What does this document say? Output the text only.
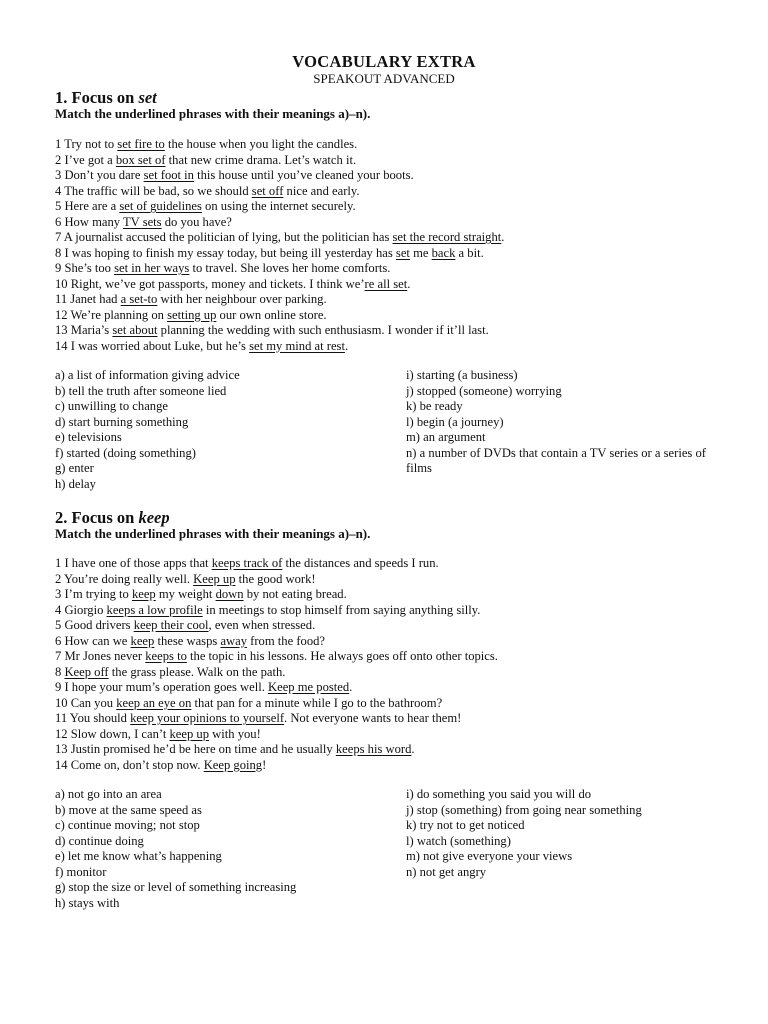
VOCABULARY EXTRA
SPEAKOUT ADVANCED
1. Focus on set
Match the underlined phrases with their meanings a)–n).
1 Try not to set fire to the house when you light the candles.
2 I’ve got a box set of that new crime drama. Let’s watch it.
3 Don’t you dare set foot in this house until you’ve cleaned your boots.
4 The traffic will be bad, so we should set off nice and early.
5 Here are a set of guidelines on using the internet securely.
6 How many TV sets do you have?
7 A journalist accused the politician of lying, but the politician has set the record straight.
8 I was hoping to finish my essay today, but being ill yesterday has set me back a bit.
9 She’s too set in her ways to travel. She loves her home comforts.
10 Right, we’ve got passports, money and tickets. I think we’re all set.
11 Janet had a set-to with her neighbour over parking.
12 We’re planning on setting up our own online store.
13 Maria’s set about planning the wedding with such enthusiasm. I wonder if it’ll last.
14 I was worried about Luke, but he’s set my mind at rest.
a) a list of information giving advice
b) tell the truth after someone lied
c) unwilling to change
d) start burning something
e) televisions
f) started (doing something)
g) enter
h) delay
i) starting (a business)
j) stopped (someone) worrying
k) be ready
l) begin (a journey)
m) an argument
n) a number of DVDs that contain a TV series or a series of films
2. Focus on keep
Match the underlined phrases with their meanings a)–n).
1 I have one of those apps that keeps track of the distances and speeds I run.
2 You’re doing really well. Keep up the good work!
3 I’m trying to keep my weight down by not eating bread.
4 Giorgio keeps a low profile in meetings to stop himself from saying anything silly.
5 Good drivers keep their cool, even when stressed.
6 How can we keep these wasps away from the food?
7 Mr Jones never keeps to the topic in his lessons. He always goes off onto other topics.
8 Keep off the grass please. Walk on the path.
9 I hope your mum’s operation goes well. Keep me posted.
10 Can you keep an eye on that pan for a minute while I go to the bathroom?
11 You should keep your opinions to yourself. Not everyone wants to hear them!
12 Slow down, I can’t keep up with you!
13 Justin promised he’d be here on time and he usually keeps his word.
14 Come on, don’t stop now. Keep going!
a) not go into an area
b) move at the same speed as
c) continue moving; not stop
d) continue doing
e) let me know what’s happening
f) monitor
g) stop the size or level of something increasing
h) stays with
i) do something you said you will do
j) stop (something) from going near something
k) try not to get noticed
l) watch (something)
m) not give everyone your views
n) not get angry
